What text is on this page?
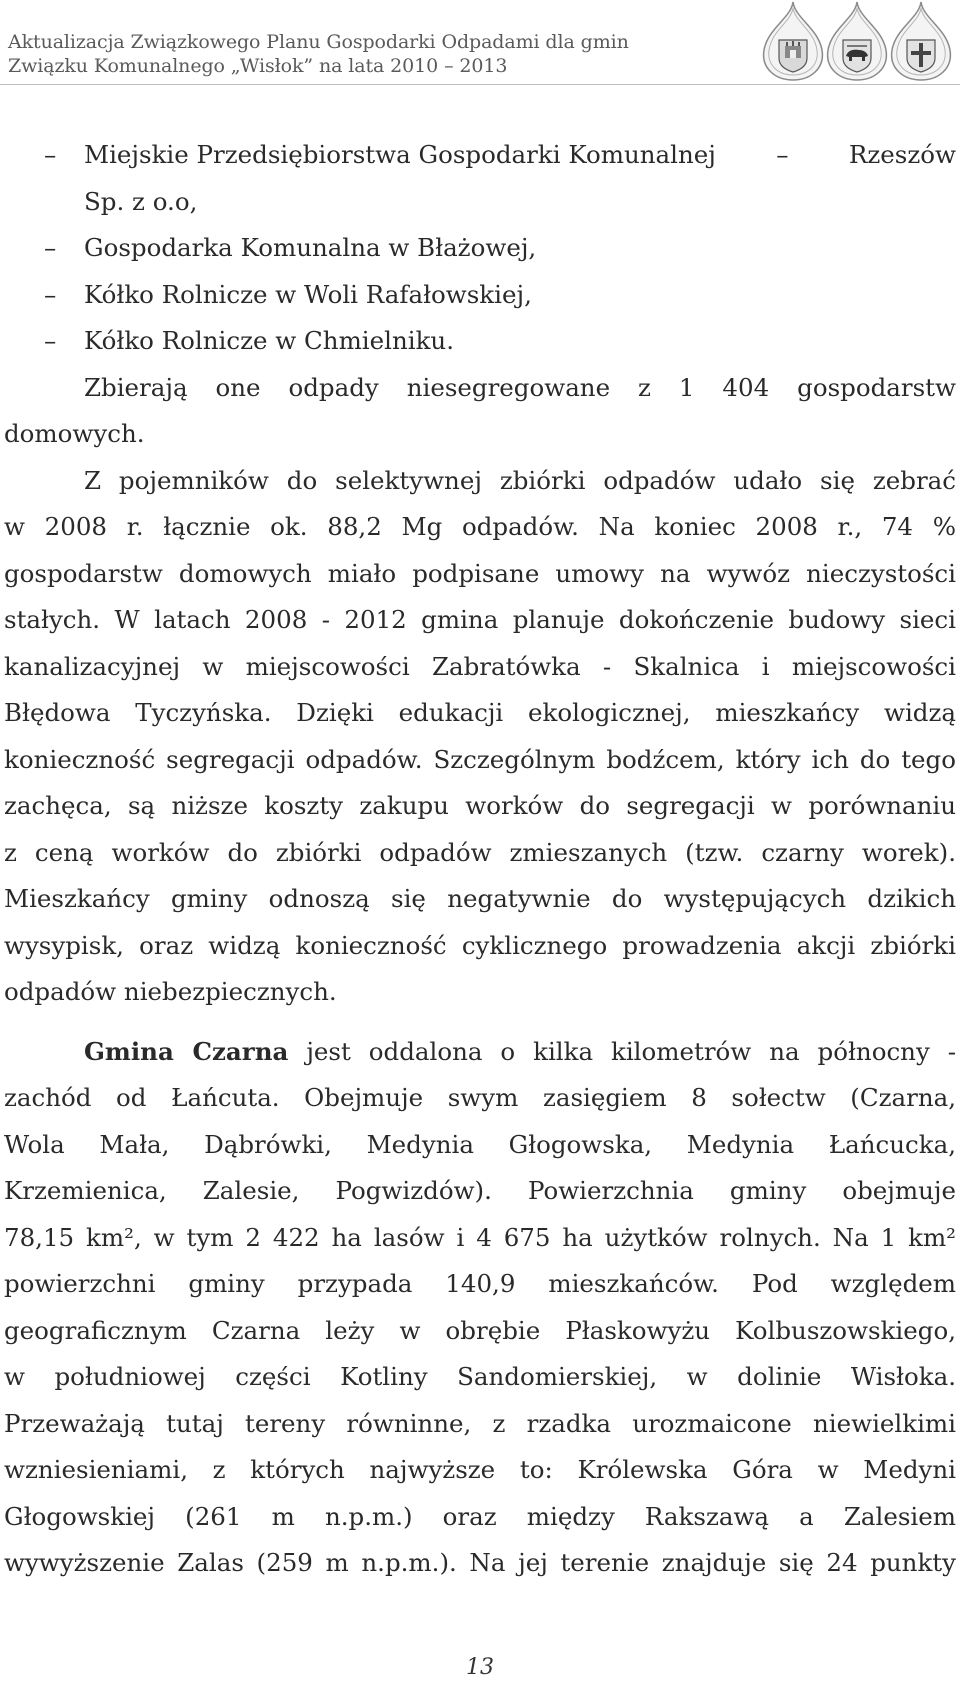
Aktualizacja Związkowego Planu Gospodarki Odpadami dla gmin
Związku Komunalnego „Wisłok” na lata 2010 – 2013
– Miejskie Przedsiębiorstwa Gospodarki Komunalnej – Rzeszów
Sp. z o.o,
– Gospodarka Komunalna w Błażowej,
– Kółko Rolnicze w Woli Rafałowskiej,
– Kółko Rolnicze w Chmielniku.
Zbierają one odpady niesegregowane z 1 404 gospodarstw
domowych.
Z pojemników do selektywnej zbiórki odpadów udało się zebrać
w 2008 r. łącznie ok. 88,2 Mg odpadów. Na koniec 2008 r., 74 %
gospodarstw domowych miało podpisane umowy na wywóz nieczystości
stałych. W latach 2008 - 2012 gmina planuje dokończenie budowy sieci
kanalizacyjnej w miejscowości Zabratówka - Skalnica i miejscowości
Błędowa Tyczyńska. Dzięki edukacji ekologicznej, mieszkańcy widzą
konieczność segregacji odpadów. Szczególnym bodźcem, który ich do tego
zachęca, są niższe koszty zakupu worków do segregacji w porównaniu
z ceną worków do zbiórki odpadów zmieszanych (tzw. czarny worek).
Mieszkańcy gminy odnoszą się negatywnie do występujących dzikich
wysypisk, oraz widzą konieczność cyklicznego prowadzenia akcji zbiórki
odpadów niebezpiecznych.
Gmina Czarna jest oddalona o kilka kilometrów na północny -
zachód od Łańcuta. Obejmuje swym zasięgiem 8 sołectw (Czarna,
Wola Mała, Dąbrówki, Medynia Głogowska, Medynia Łańcucka,
Krzemienica, Zalesie, Pogwizdów). Powierzchnia gminy obejmuje
78,15 km², w tym 2 422 ha lasów i 4 675 ha użytków rolnych. Na 1 km²
powierzchni gminy przypada 140,9 mieszkańców. Pod względem
geograficznym Czarna leży w obrębie Płaskowyżu Kolbuszowskiego,
w południowej części Kotliny Sandomierskiej, w dolinie Wisłoka.
Przeważają tutaj tereny równinne, z rzadka urozmaicone niewielkimi
wzniesieniami, z których najwyższe to: Królewska Góra w Medyni
Głogowskiej (261 m n.p.m.) oraz między Rakszawą a Zalesiem
wywyższenie Zalas (259 m n.p.m.). Na jej terenie znajduje się 24 punkty
13
